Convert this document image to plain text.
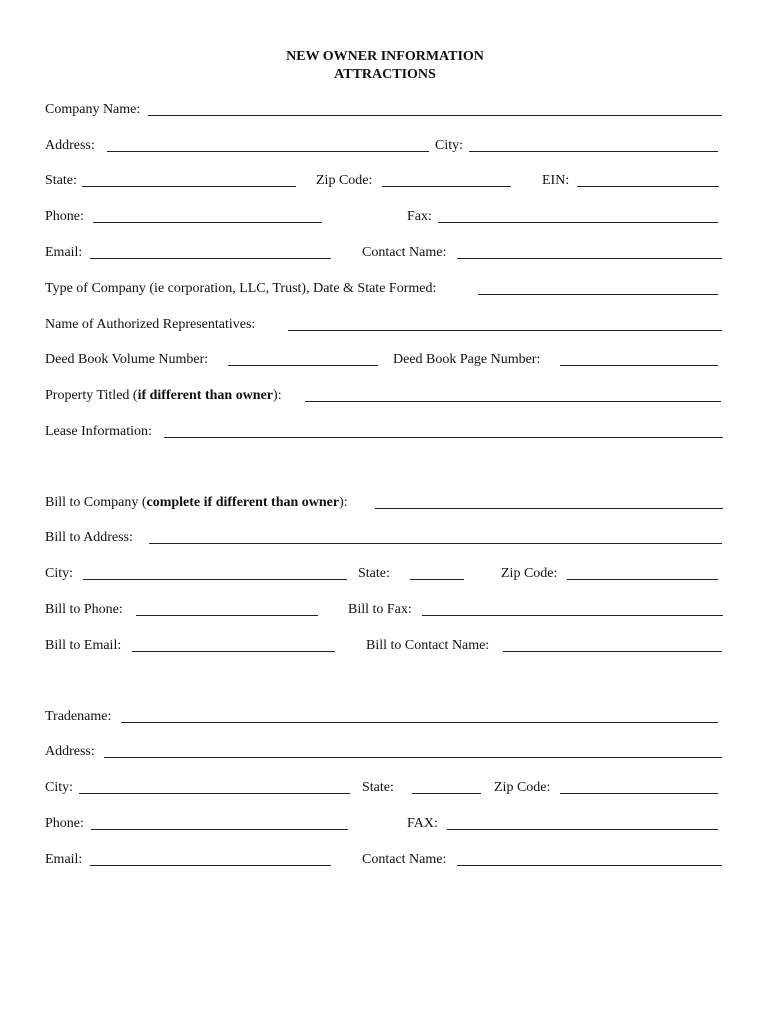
NEW OWNER INFORMATION
ATTRACTIONS
Company Name:
Address:	City:
State:	Zip Code:	EIN:
Phone:	Fax:
Email:	Contact Name:
Type of Company (ie corporation, LLC, Trust), Date & State Formed:
Name of Authorized Representatives:
Deed Book Volume Number:	Deed Book Page Number:
Property Titled (if different than owner):
Lease Information:
Bill to Company (complete if different than owner):
Bill to Address:
City:	State:	Zip Code:
Bill to Phone:	Bill to Fax:
Bill to Email:	Bill to Contact Name:
Tradename:
Address:
City:	State:	Zip Code:
Phone:	FAX:
Email:	Contact Name:
